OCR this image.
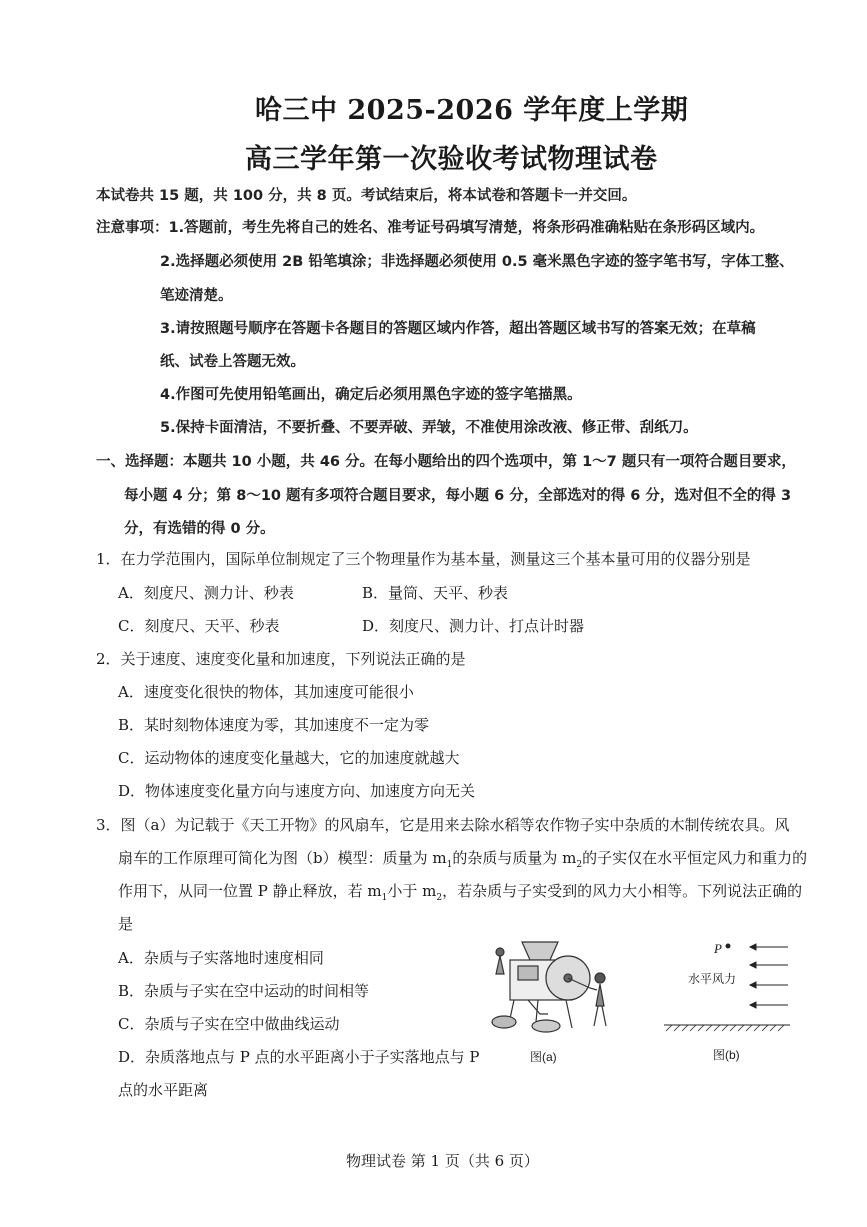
哈三中 2025-2026 学年度上学期
高三学年第一次验收考试物理试卷
本试卷共 15 题，共 100 分，共 8 页。考试结束后，将本试卷和答题卡一并交回。
注意事项：1.答题前，考生先将自己的姓名、准考证号码填写清楚，将条形码准确粘贴在条形码区域内。
2.选择题必须使用 2B 铅笔填涂；非选择题必须使用 0.5 毫米黑色字迹的签字笔书写，字体工整、
笔迹清楚。
3.请按照题号顺序在答题卡各题目的答题区域内作答，超出答题区域书写的答案无效；在草稿
纸、试卷上答题无效。
4.作图可先使用铅笔画出，确定后必须用黑色字迹的签字笔描黑。
5.保持卡面清洁，不要折叠、不要弄破、弄皱，不准使用涂改液、修正带、刮纸刀。
一、选择题：本题共 10 小题，共 46 分。在每小题给出的四个选项中，第 1～7 题只有一项符合题目要求，
每小题 4 分；第 8～10 题有多项符合题目要求，每小题 6 分，全部选对的得 6 分，选对但不全的得 3
分，有选错的得 0 分。
1．在力学范围内，国际单位制规定了三个物理量作为基本量，测量这三个基本量可用的仪器分别是
A．刻度尺、测力计、秒表	B．量筒、天平、秒表
C．刻度尺、天平、秒表	D．刻度尺、测力计、打点计时器
2．关于速度、速度变化量和加速度，下列说法正确的是
A．速度变化很快的物体，其加速度可能很小
B．某时刻物体速度为零，其加速度不一定为零
C．运动物体的速度变化量越大，它的加速度就越大
D．物体速度变化量方向与速度方向、加速度方向无关
3．图（a）为记载于《天工开物》的风扇车，它是用来去除水稻等农作物子实中杂质的木制传统农具。风
扇车的工作原理可简化为图（b）模型：质量为 $m_1$的杂质与质量为 $m_2$的子实仅在水平恒定风力和重力的
作用下，从同一位置 P 静止释放，若 $m_1$小于 $m_2$，若杂质与子实受到的风力大小相等。下列说法正确的
是
A．杂质与子实落地时速度相同
B．杂质与子实在空中运动的时间相等
C．杂质与子实在空中做曲线运动
D．杂质落地点与 P 点的水平距离小于子实落地点与 P
点的水平距离
图(a)
P
水平风力
图(b)
物理试卷 第 1 页（共 6 页）
